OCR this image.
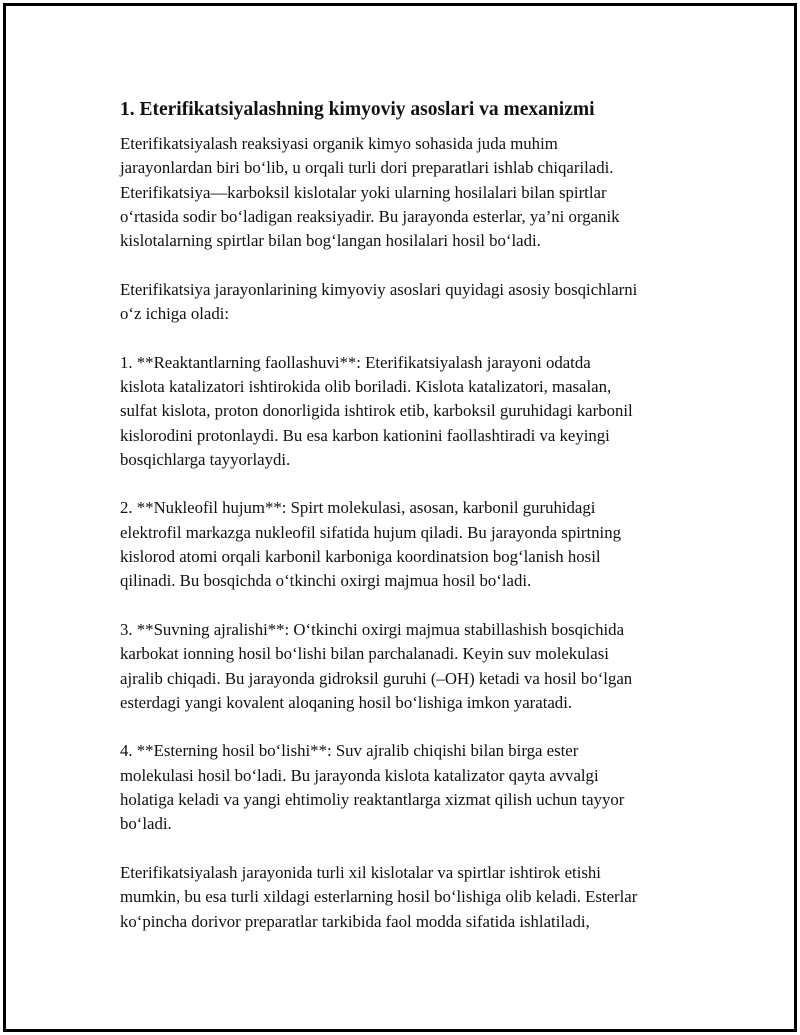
1. Eterifikatsiyalashning kimyoviy asoslari va mexanizmi

Eterifikatsiyalash reaksiyasi organik kimyo sohasida juda muhim
jarayonlardan biri bo‘lib, u orqali turli dori preparatlari ishlab chiqariladi.
Eterifikatsiya—karboksil kislotalar yoki ularning hosilalari bilan spirtlar
o‘rtasida sodir bo‘ladigan reaksiyadir. Bu jarayonda esterlar, ya’ni organik
kislotalarning spirtlar bilan bog‘langan hosilalari hosil bo‘ladi.

Eterifikatsiya jarayonlarining kimyoviy asoslari quyidagi asosiy bosqichlarni
o‘z ichiga oladi:

1. **Reaktantlarning faollashuvi**: Eterifikatsiyalash jarayoni odatda
kislota katalizatori ishtirokida olib boriladi. Kislota katalizatori, masalan,
sulfat kislota, proton donorligida ishtirok etib, karboksil guruhidagi karbonil
kislorodini protonlaydi. Bu esa karbon kationini faollashtiradi va keyingi
bosqichlarga tayyorlaydi.

2. **Nukleofil hujum**: Spirt molekulasi, asosan, karbonil guruhidagi
elektrofil markazga nukleofil sifatida hujum qiladi. Bu jarayonda spirtning
kislorod atomi orqali karbonil karboniga koordinatsion bog‘lanish hosil
qilinadi. Bu bosqichda o‘tkinchi oxirgi majmua hosil bo‘ladi.

3. **Suvning ajralishi**: O‘tkinchi oxirgi majmua stabillashish bosqichida
karbokat ionning hosil bo‘lishi bilan parchalanadi. Keyin suv molekulasi
ajralib chiqadi. Bu jarayonda gidroksil guruhi (–OH) ketadi va hosil bo‘lgan
esterdagi yangi kovalent aloqaning hosil bo‘lishiga imkon yaratadi.

4. **Esterning hosil bo‘lishi**: Suv ajralib chiqishi bilan birga ester
molekulasi hosil bo‘ladi. Bu jarayonda kislota katalizator qayta avvalgi
holatiga keladi va yangi ehtimoliy reaktantlarga xizmat qilish uchun tayyor
bo‘ladi.

Eterifikatsiyalash jarayonida turli xil kislotalar va spirtlar ishtirok etishi
mumkin, bu esa turli xildagi esterlarning hosil bo‘lishiga olib keladi. Esterlar
ko‘pincha dorivor preparatlar tarkibida faol modda sifatida ishlatiladi,
